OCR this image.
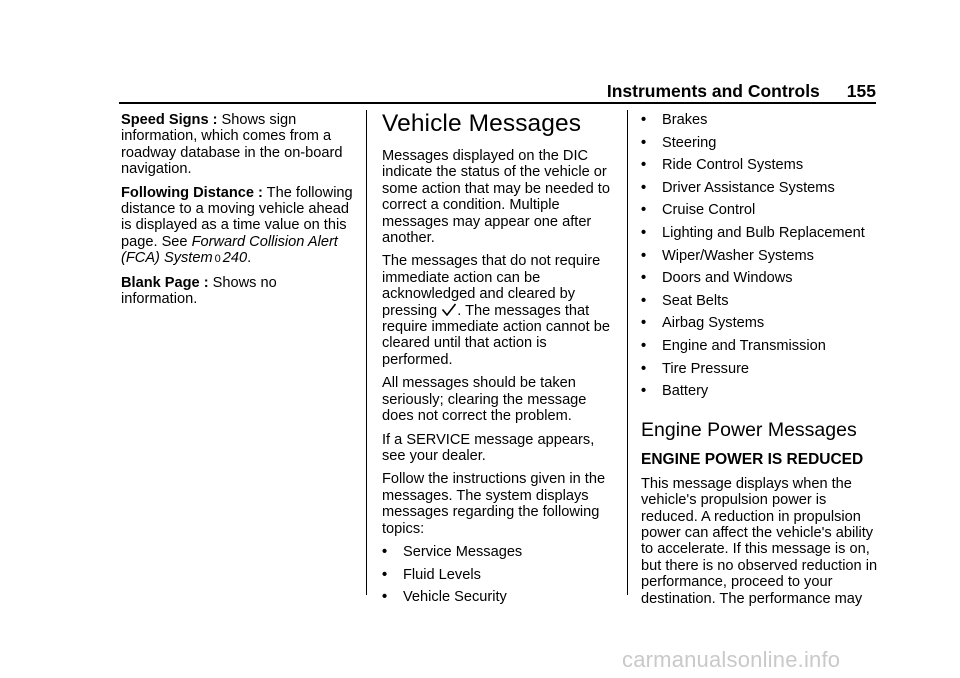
Instruments and Controls 155

Speed Signs : Shows sign information, which comes from a roadway database in the on-board navigation.

Following Distance : The following distance to a moving vehicle ahead is displayed as a time value on this page. See Forward Collision Alert (FCA) System 0 240.

Blank Page : Shows no information.

Vehicle Messages

Messages displayed on the DIC indicate the status of the vehicle or some action that may be needed to correct a condition. Multiple messages may appear one after another.

The messages that do not require immediate action can be acknowledged and cleared by pressing . The messages that require immediate action cannot be cleared until that action is performed.

All messages should be taken seriously; clearing the message does not correct the problem.

If a SERVICE message appears, see your dealer.

Follow the instructions given in the messages. The system displays messages regarding the following topics:

•	Service Messages
•	Fluid Levels
•	Vehicle Security
•	Brakes
•	Steering
•	Ride Control Systems
•	Driver Assistance Systems
•	Cruise Control
•	Lighting and Bulb Replacement
•	Wiper/Washer Systems
•	Doors and Windows
•	Seat Belts
•	Airbag Systems
•	Engine and Transmission
•	Tire Pressure
•	Battery
Engine Power Messages
ENGINE POWER IS REDUCED

This message displays when the vehicle's propulsion power is reduced. A reduction in propulsion power can affect the vehicle's ability to accelerate. If this message is on, but there is no observed reduction in performance, proceed to your destination. The performance may

carmanualsonline.info
